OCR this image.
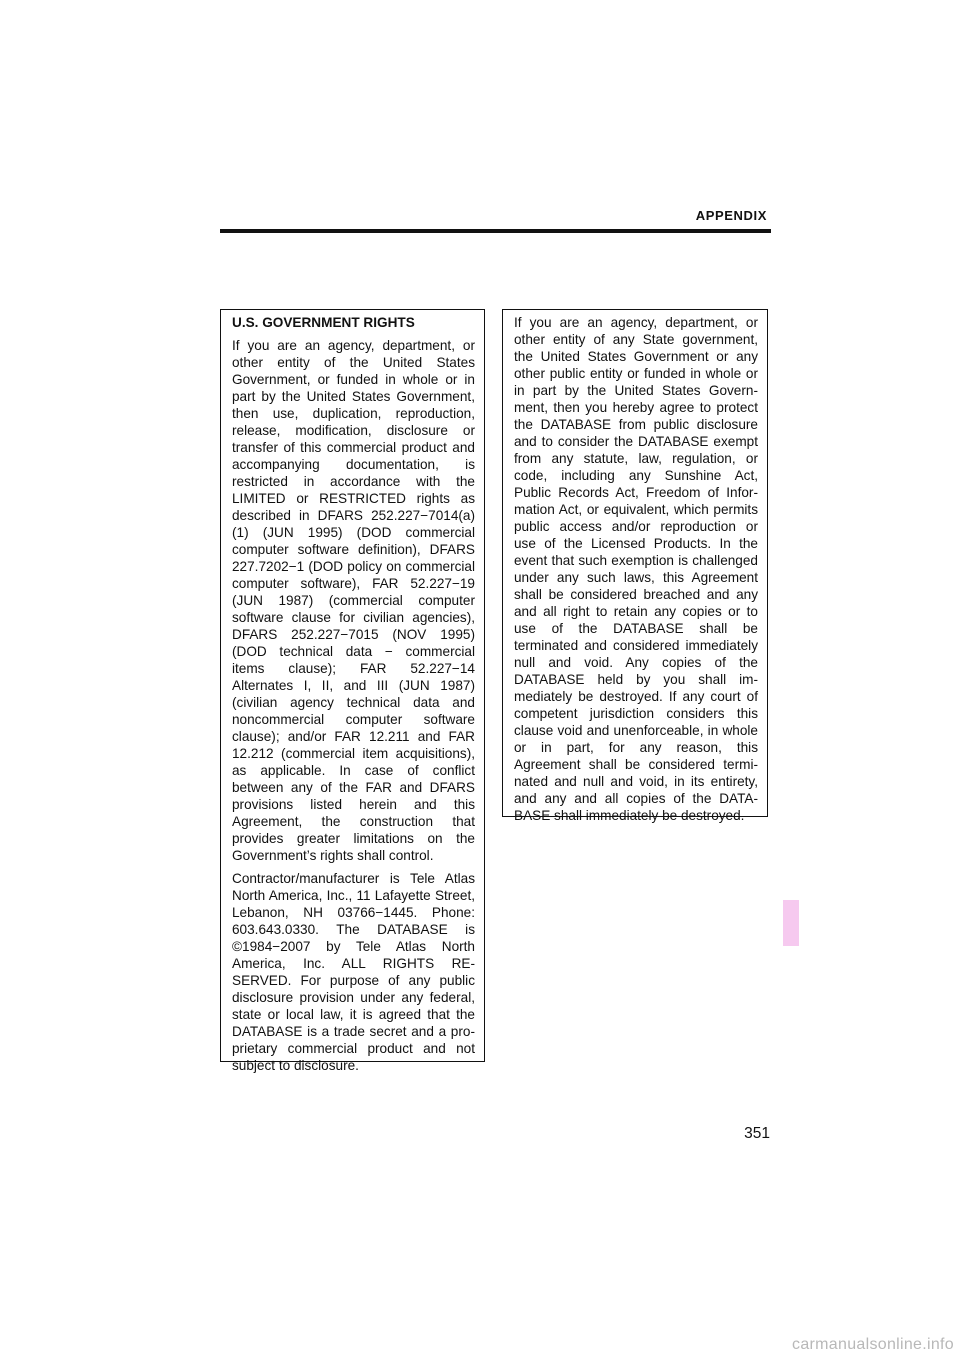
APPENDIX
U.S. GOVERNMENT RIGHTS

If you are an agency, department, or other entity of the United States Government, or funded in whole or in part by the United States Government, then use, duplication, reproduction, release, modification, disclosure or transfer of this commercial product and accompanying documentation, is restricted in accordance with the LIMITED or RESTRICTED rights as described in DFARS 252.227−7014(a)(1) (JUN 1995) (DOD commercial computer software definition), DFARS 227.7202−1 (DOD policy on commercial computer software), FAR 52.227−19 (JUN 1987) (commercial computer software clause for civilian agencies), DFARS 252.227−7015 (NOV 1995) (DOD technical data − commercial items clause); FAR 52.227−14 Alternates I, II, and III (JUN 1987) (civilian agency technical data and noncommercial computer software clause); and/or FAR 12.211 and FAR 12.212 (commercial item acquisitions), as applicable. In case of conflict between any of the FAR and DFARS provisions listed herein and this Agreement, the construction that provides greater limitations on the Government’s rights shall control.

Contractor/manufacturer is Tele Atlas North America, Inc., 11 Lafayette Street, Lebanon, NH 03766−1445. Phone: 603.643.0330. The DATABASE is ©1984−2007 by Tele Atlas North America, Inc. ALL RIGHTS RESERVED. For purpose of any public disclosure provision under any federal, state or local law, it is agreed that the DATABASE is a trade secret and a proprietary commercial product and not subject to disclosure.

If you are an agency, department, or other entity of any State government, the United States Government or any other public entity or funded in whole or in part by the United States Government, then you hereby agree to protect the DATABASE from public disclosure and to consider the DATABASE exempt from any statute, law, regulation, or code, including any Sunshine Act, Public Records Act, Freedom of Information Act, or equivalent, which permits public access and/or reproduction or use of the Licensed Products. In the event that such exemption is challenged under any such laws, this Agreement shall be considered breached and any and all right to retain any copies or to use of the DATABASE shall be terminated and considered immediately null and void. Any copies of the DATABASE held by you shall immediately be destroyed. If any court of competent jurisdiction considers this clause void and unenforceable, in whole or in part, for any reason, this Agreement shall be considered terminated and null and void, in its entirety, and any and all copies of the DATABASE shall immediately be destroyed.

351

carmanualsonline.info
